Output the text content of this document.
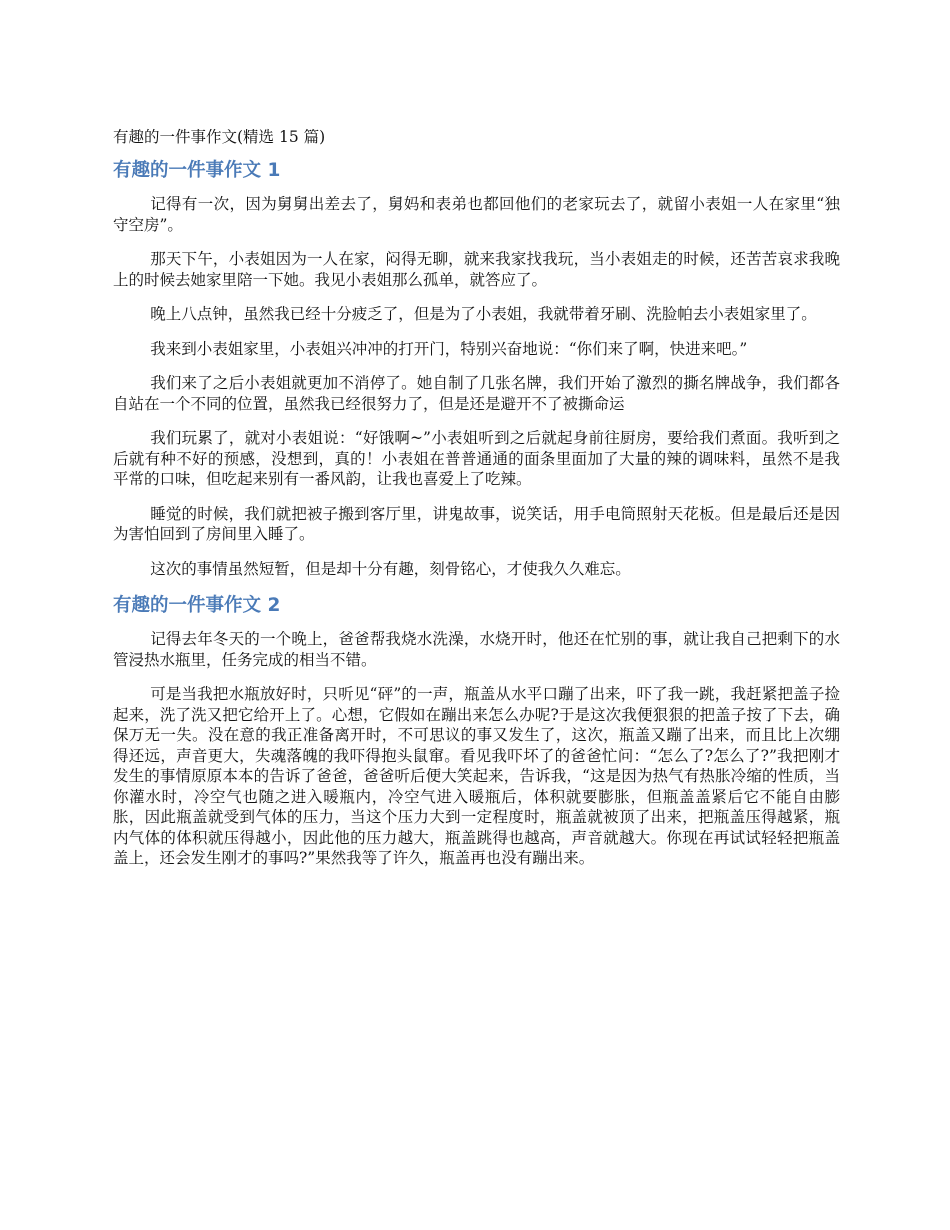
有趣的一件事作文(精选 15 篇)
有趣的一件事作文 1

记得有一次，因为舅舅出差去了，舅妈和表弟也都回他们的老家玩去了，就留小表姐一人在家里“独守空房”。

那天下午，小表姐因为一人在家，闷得无聊，就来我家找我玩，当小表姐走的时候，还苦苦哀求我晚上的时候去她家里陪一下她。我见小表姐那么孤单，就答应了。

晚上八点钟，虽然我已经十分疲乏了，但是为了小表姐，我就带着牙刷、洗脸帕去小表姐家里了。

我来到小表姐家里，小表姐兴冲冲的打开门，特别兴奋地说：“你们来了啊，快进来吧。”

我们来了之后小表姐就更加不消停了。她自制了几张名牌，我们开始了激烈的撕名牌战争，我们都各自站在一个不同的位置，虽然我已经很努力了，但是还是避开不了被撕命运

我们玩累了，就对小表姐说：“好饿啊~”小表姐听到之后就起身前往厨房，要给我们煮面。我听到之后就有种不好的预感，没想到，真的！小表姐在普普通通的面条里面加了大量的辣的调味料，虽然不是我平常的口味，但吃起来别有一番风韵，让我也喜爱上了吃辣。

睡觉的时候，我们就把被子搬到客厅里，讲鬼故事，说笑话，用手电筒照射天花板。但是最后还是因为害怕回到了房间里入睡了。

这次的事情虽然短暂，但是却十分有趣，刻骨铭心，才使我久久难忘。

有趣的一件事作文 2

记得去年冬天的一个晚上，爸爸帮我烧水洗澡，水烧开时，他还在忙别的事，就让我自己把剩下的水管浸热水瓶里，任务完成的相当不错。

可是当我把水瓶放好时，只听见“砰”的一声，瓶盖从水平口蹦了出来，吓了我一跳，我赶紧把盖子捡起来，洗了洗又把它给开上了。心想，它假如在蹦出来怎么办呢?于是这次我便狠狠的把盖子按了下去，确保万无一失。没在意的我正准备离开时，不可思议的事又发生了，这次，瓶盖又蹦了出来，而且比上次绷得还远，声音更大，失魂落魄的我吓得抱头鼠窜。看见我吓坏了的爸爸忙问：“怎么了?怎么了?”我把刚才发生的事情原原本本的告诉了爸爸，爸爸听后便大笑起来，告诉我，“这是因为热气有热胀冷缩的性质，当你灌水时，冷空气也随之进入暖瓶内，冷空气进入暖瓶后，体积就要膨胀，但瓶盖盖紧后它不能自由膨胀，因此瓶盖就受到气体的压力，当这个压力大到一定程度时，瓶盖就被顶了出来，把瓶盖压得越紧，瓶内气体的体积就压得越小，因此他的压力越大，瓶盖跳得也越高，声音就越大。你现在再试试轻轻把瓶盖盖上，还会发生刚才的事吗?”果然我等了许久，瓶盖再也没有蹦出来。
